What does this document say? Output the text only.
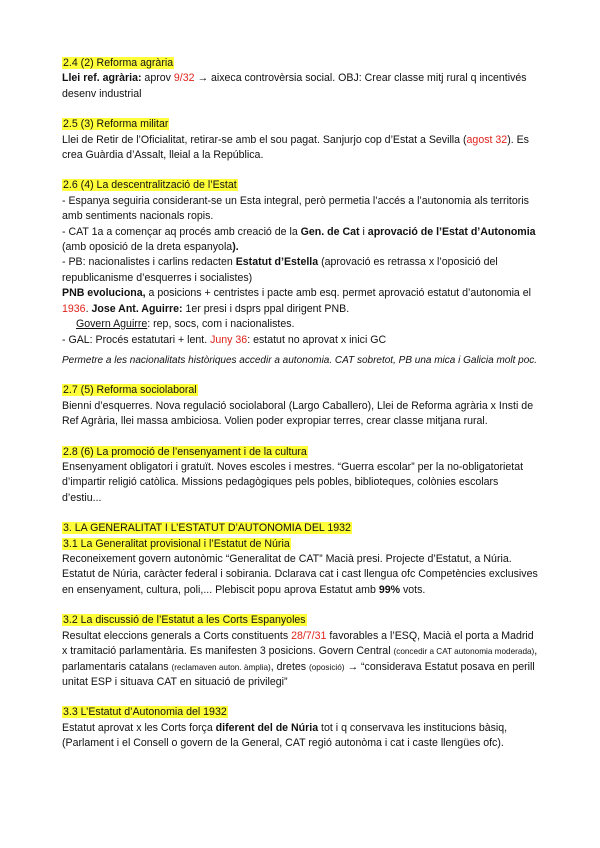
2.4 (2) Reforma agrària

Llei ref. agrària: aprov 9/32 → aixeca controvèrsia social. OBJ: Crear classe mitj rural q incentivés desenv industrial

2.5 (3) Reforma militar

Llei de Retir de l’Oficialitat, retirar-se amb el sou pagat. Sanjurjo cop d’Estat a Sevilla (agost 32). Es crea Guàrdia d’Assalt, lleial a la República.

2.6 (4) La descentralització de l’Estat

- Espanya seguiria considerant-se un Esta integral, però permetia l’accés a l’autonomia als territoris amb sentiments nacionals ropis.

- CAT 1a a començar aq procés amb creació de la Gen. de Cat i aprovació de l’Estat d’Autonomia (amb oposició de la dreta espanyola).

- PB: nacionalistes i carlins redacten Estatut d’Estella (aprovació es retrassa x l’oposició del republicanisme d’esquerres i socialistes)

PNB evoluciona, a posicions + centristes i pacte amb esq. permet aprovació estatut d’autonomia el 1936. Jose Ant. Aguirre: 1er presi i dsprs ppal dirigent PNB.

Govern Aguirre: rep, socs, com i nacionalistes.

- GAL: Procés estatutari + lent. Juny 36: estatut no aprovat x inici GC

Permetre a les nacionalitats històriques accedir a autonomia. CAT sobretot, PB una mica i Galicia molt poc.

2.7 (5) Reforma sociolaboral

Bienni d’esquerres. Nova regulació sociolaboral (Largo Caballero), Llei de Reforma agrària x Insti de Ref Agrària, llei massa ambiciosa. Volien poder expropiar terres, crear classe mitjana rural.

2.8 (6) La promoció de l’ensenyament i de la cultura

Ensenyament obligatori i gratuït. Noves escoles i mestres. “Guerra escolar” per la no-obligatorietat d’impartir religió catòlica. Missions pedagògiques pels pobles, biblioteques, colònies escolars d’estiu...

3. LA GENERALITAT I L’ESTATUT D’AUTONOMIA DEL 1932
3.1 La Generalitat provisional i l’Estatut de Núria

Reconeixement govern autonòmic “Generalitat de CAT” Macià presi. Projecte d’Estatut, a Núria. Estatut de Núria, caràcter federal i sobirania. Dclarava cat i cast llengua ofc Competències exclusives en ensenyament, cultura, poli,... Plebiscit popu aprova Estatut amb 99% vots.

3.2 La discussió de l’Estatut a les Corts Espanyoles

Resultat eleccions generals a Corts constituents 28/7/31 favorables a l’ESQ, Macià el porta a Madrid x tramitació parlamentària. Es manifesten 3 posicions. Govern Central (concedir a CAT autonomia moderada), parlamentaris catalans (reclamaven auton. àmplia), dretes (oposició) → “considerava Estatut posava en perill unitat ESP i situava CAT en situació de privilegi”

3.3 L’Estatut d’Autonomia del 1932

Estatut aprovat x les Corts força diferent del de Núria tot i q conservava les institucions bàsiq, (Parlament i el Consell o govern de la General, CAT regió autonòma i cat i caste llengües ofc).
